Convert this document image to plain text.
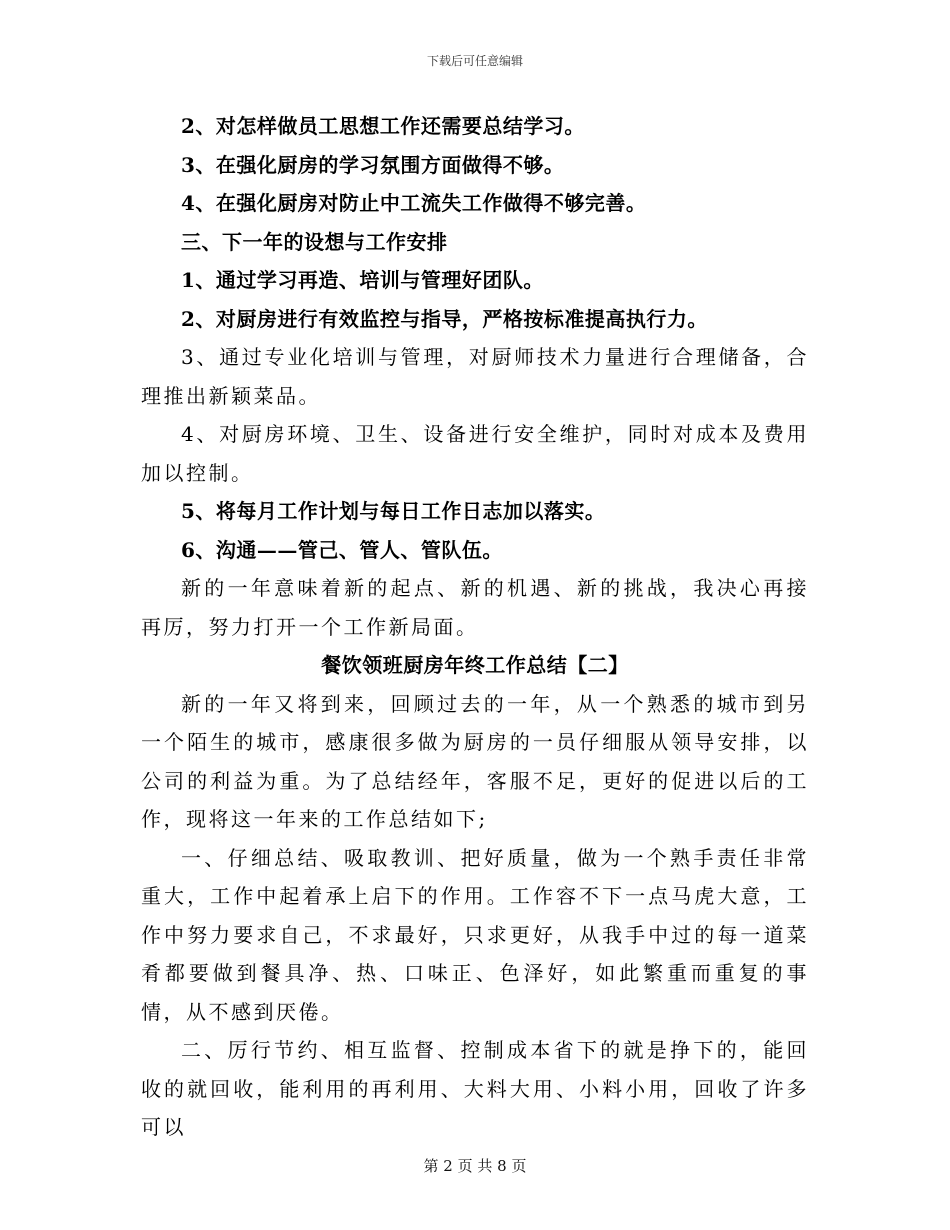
下载后可任意编辑

2、对怎样做员工思想工作还需要总结学习。

3、在强化厨房的学习氛围方面做得不够。

4、在强化厨房对防止中工流失工作做得不够完善。

三、下一年的设想与工作安排

1、通过学习再造、培训与管理好团队。

2、对厨房进行有效监控与指导，严格按标准提高执行力。

3、通过专业化培训与管理，对厨师技术力量进行合理储备，合理推出新颖菜品。

4、对厨房环境、卫生、设备进行安全维护，同时对成本及费用加以控制。

5、将每月工作计划与每日工作日志加以落实。

6、沟通——管己、管人、管队伍。

新的一年意味着新的起点、新的机遇、新的挑战，我决心再接再厉，努力打开一个工作新局面。

餐饮领班厨房年终工作总结【二】

新的一年又将到来，回顾过去的一年，从一个熟悉的城市到另一个陌生的城市，感康很多做为厨房的一员仔细服从领导安排，以公司的利益为重。为了总结经年，客服不足，更好的促进以后的工作，现将这一年来的工作总结如下;

一、仔细总结、吸取教训、把好质量，做为一个熟手责任非常重大，工作中起着承上启下的作用。工作容不下一点马虎大意，工作中努力要求自己，不求最好，只求更好，从我手中过的每一道菜肴都要做到餐具净、热、口味正、色泽好，如此繁重而重复的事情，从不感到厌倦。

二、厉行节约、相互监督、控制成本省下的就是挣下的，能回收的就回收，能利用的再利用、大料大用、小料小用，回收了许多可以

第 2 页 共 8 页
